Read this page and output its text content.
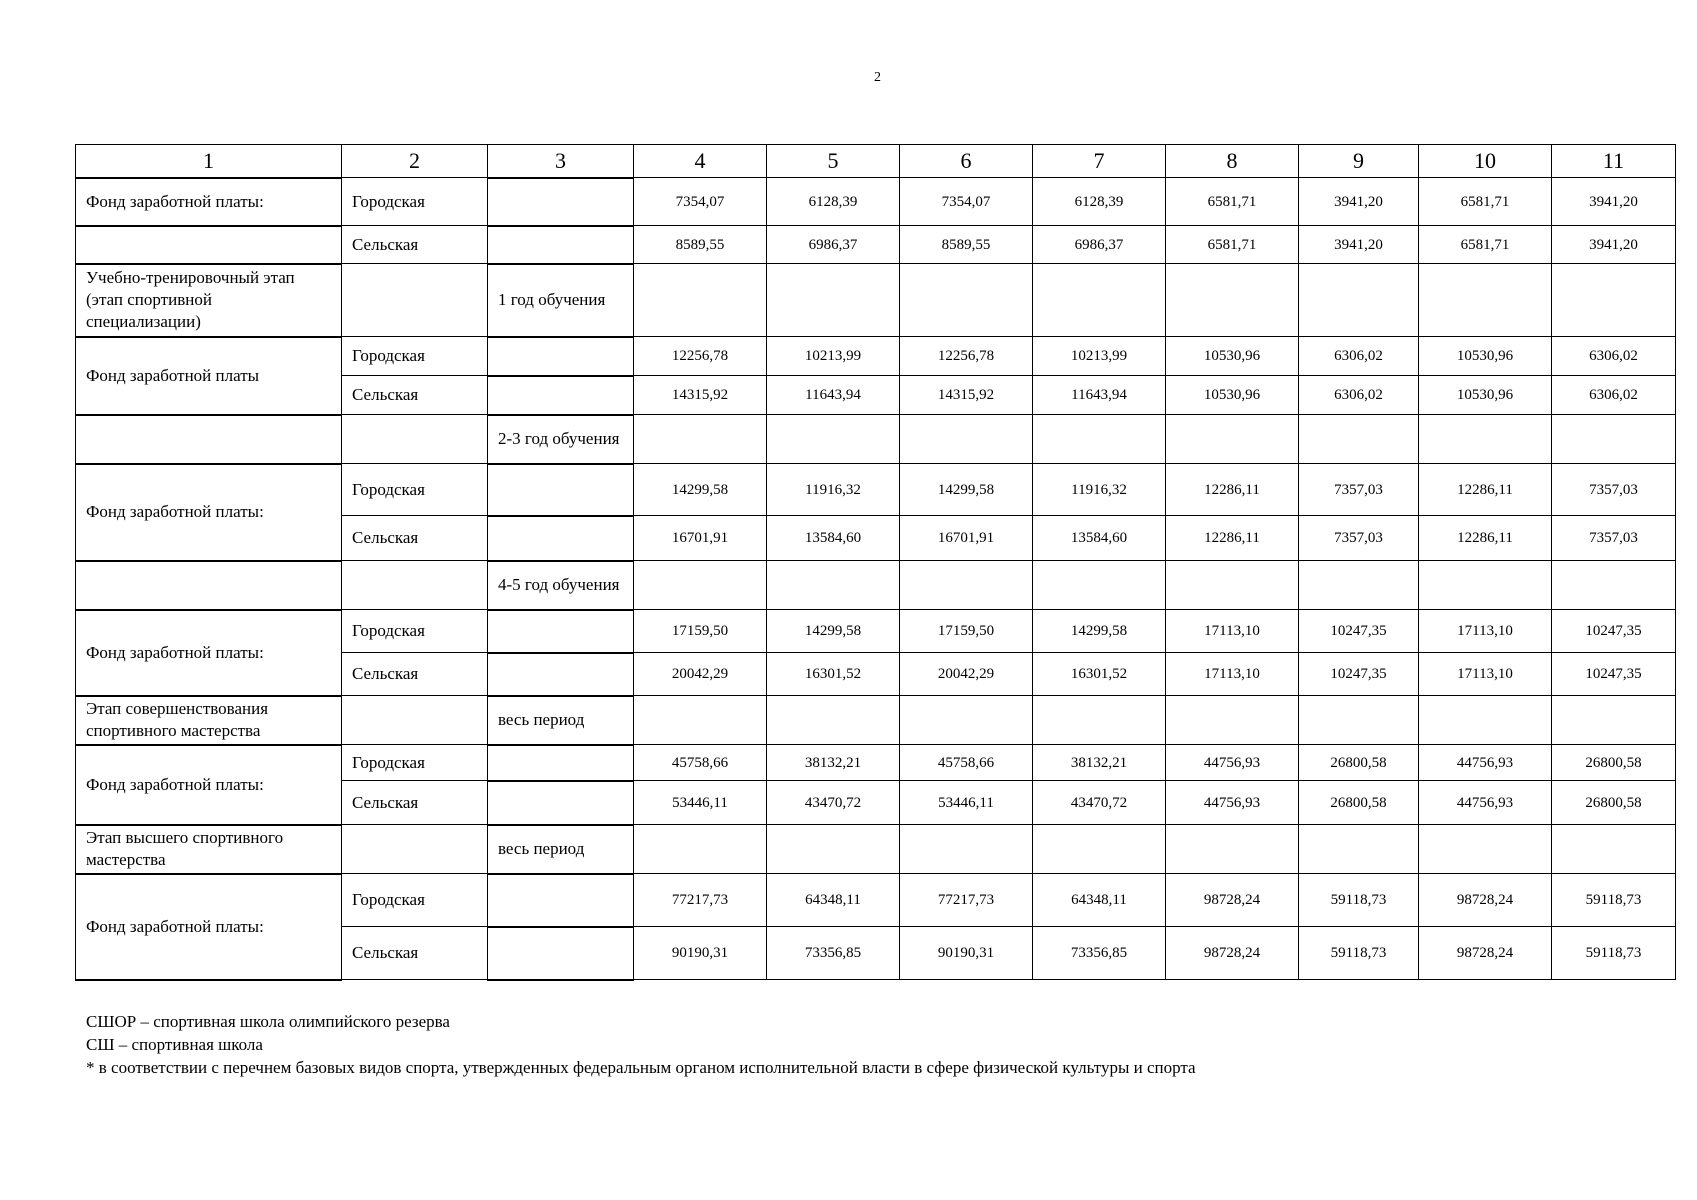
2
1	2	3	4	5	6	7	8	9	10	11
Фонд заработной платы:	Городская		7354,07	6128,39	7354,07	6128,39	6581,71	3941,20	6581,71	3941,20
	Сельская		8589,55	6986,37	8589,55	6986,37	6581,71	3941,20	6581,71	3941,20
Учебно-тренировочный этап (этап спортивной специализации)		1 год обучения								
Фонд заработной платы	Городская		12256,78	10213,99	12256,78	10213,99	10530,96	6306,02	10530,96	6306,02
	Сельская		14315,92	11643,94	14315,92	11643,94	10530,96	6306,02	10530,96	6306,02
		2-3 год обучения								
Фонд заработной платы:	Городская		14299,58	11916,32	14299,58	11916,32	12286,11	7357,03	12286,11	7357,03
	Сельская		16701,91	13584,60	16701,91	13584,60	12286,11	7357,03	12286,11	7357,03
		4-5 год обучения								
Фонд заработной платы:	Городская		17159,50	14299,58	17159,50	14299,58	17113,10	10247,35	17113,10	10247,35
	Сельская		20042,29	16301,52	20042,29	16301,52	17113,10	10247,35	17113,10	10247,35
Этап совершенствования спортивного мастерства		весь период								
Фонд заработной платы:	Городская		45758,66	38132,21	45758,66	38132,21	44756,93	26800,58	44756,93	26800,58
	Сельская		53446,11	43470,72	53446,11	43470,72	44756,93	26800,58	44756,93	26800,58
Этап высшего спортивного мастерства		весь период								
Фонд заработной платы:	Городская		77217,73	64348,11	77217,73	64348,11	98728,24	59118,73	98728,24	59118,73
	Сельская		90190,31	73356,85	90190,31	73356,85	98728,24	59118,73	98728,24	59118,73
СШОР – спортивная школа олимпийского резерва
СШ – спортивная школа
* в соответствии с перечнем базовых видов спорта, утвержденных федеральным органом исполнительной власти в сфере физической культуры и спорта
